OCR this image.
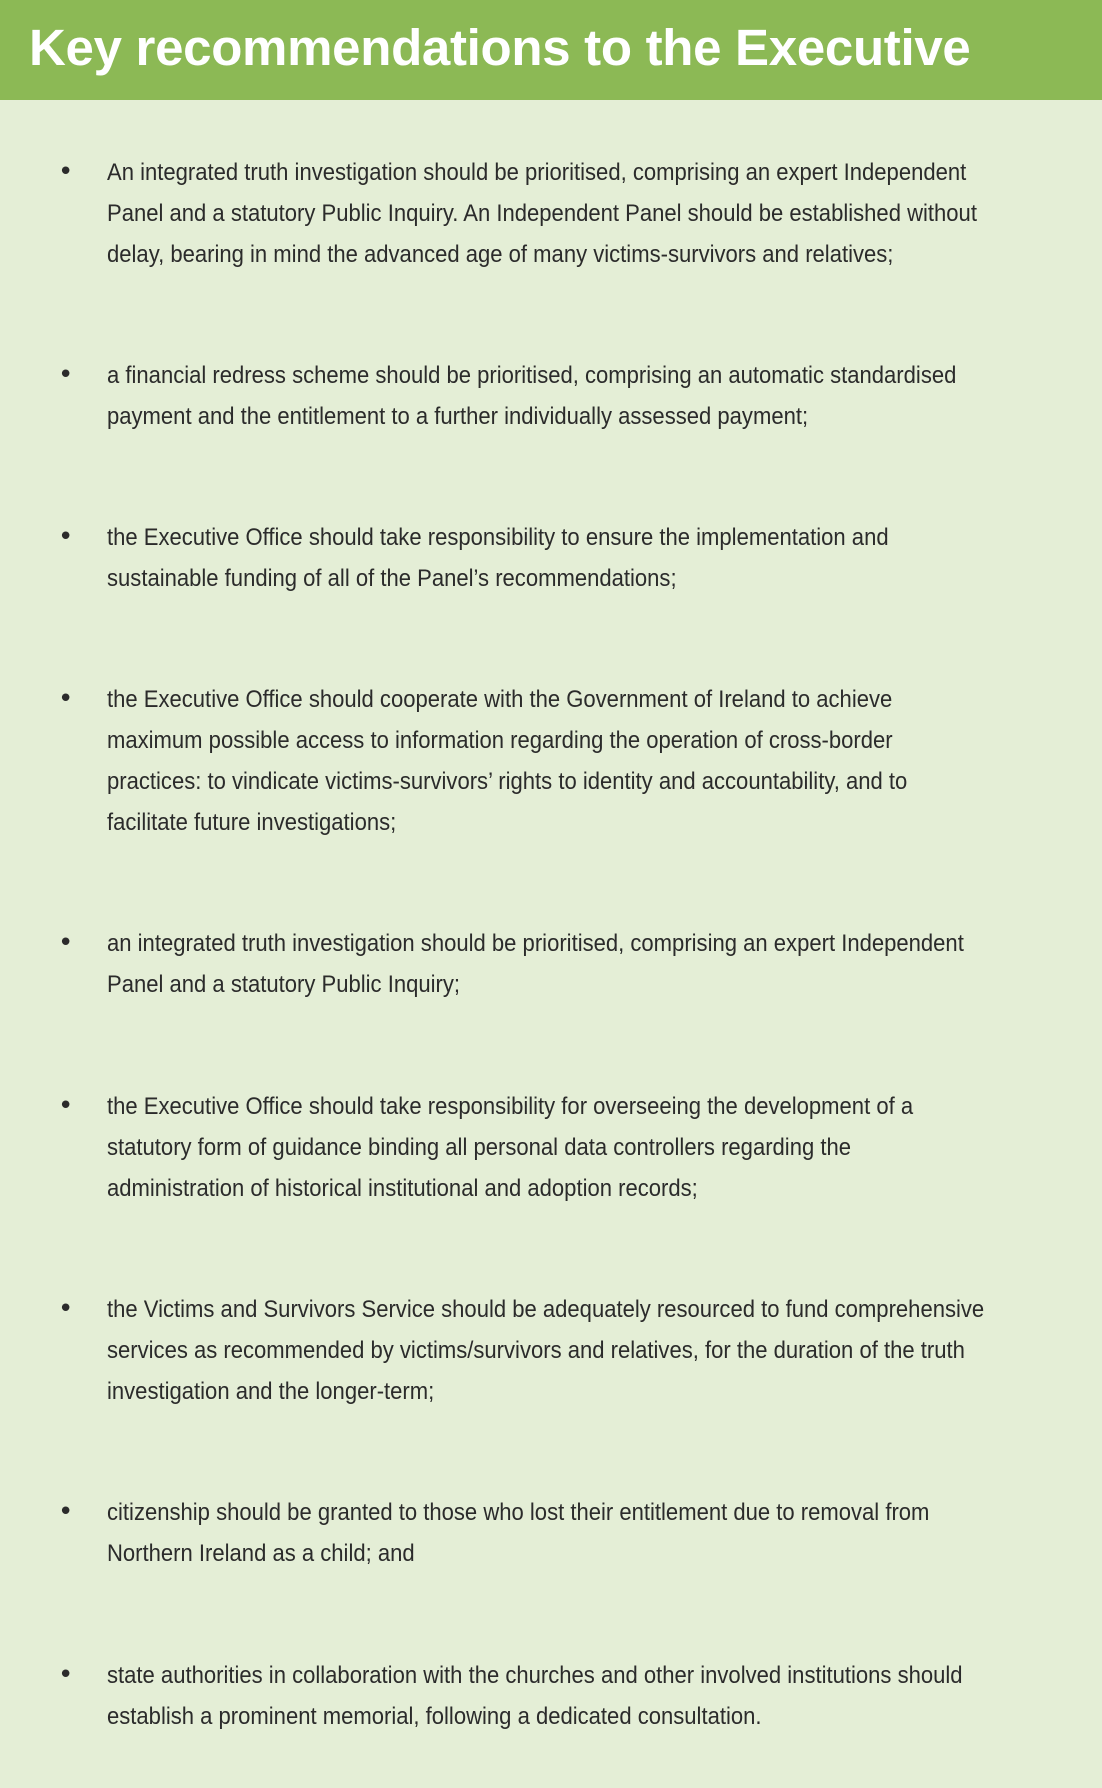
Key recommendations to the Executive
• An integrated truth investigation should be prioritised, comprising an expert Independent
Panel and a statutory Public Inquiry. An Independent Panel should be established without
delay, bearing in mind the advanced age of many victims-survivors and relatives;

• a financial redress scheme should be prioritised, comprising an automatic standardised
payment and the entitlement to a further individually assessed payment;

• the Executive Office should take responsibility to ensure the implementation and
sustainable funding of all of the Panel’s recommendations;

• the Executive Office should cooperate with the Government of Ireland to achieve
maximum possible access to information regarding the operation of cross-border
practices: to vindicate victims-survivors’ rights to identity and accountability, and to
facilitate future investigations;

• an integrated truth investigation should be prioritised, comprising an expert Independent
Panel and a statutory Public Inquiry;

• the Executive Office should take responsibility for overseeing the development of a
statutory form of guidance binding all personal data controllers regarding the
administration of historical institutional and adoption records;

• the Victims and Survivors Service should be adequately resourced to fund comprehensive
services as recommended by victims/survivors and relatives, for the duration of the truth
investigation and the longer-term;

• citizenship should be granted to those who lost their entitlement due to removal from
Northern Ireland as a child; and

• state authorities in collaboration with the churches and other involved institutions should
establish a prominent memorial, following a dedicated consultation.
